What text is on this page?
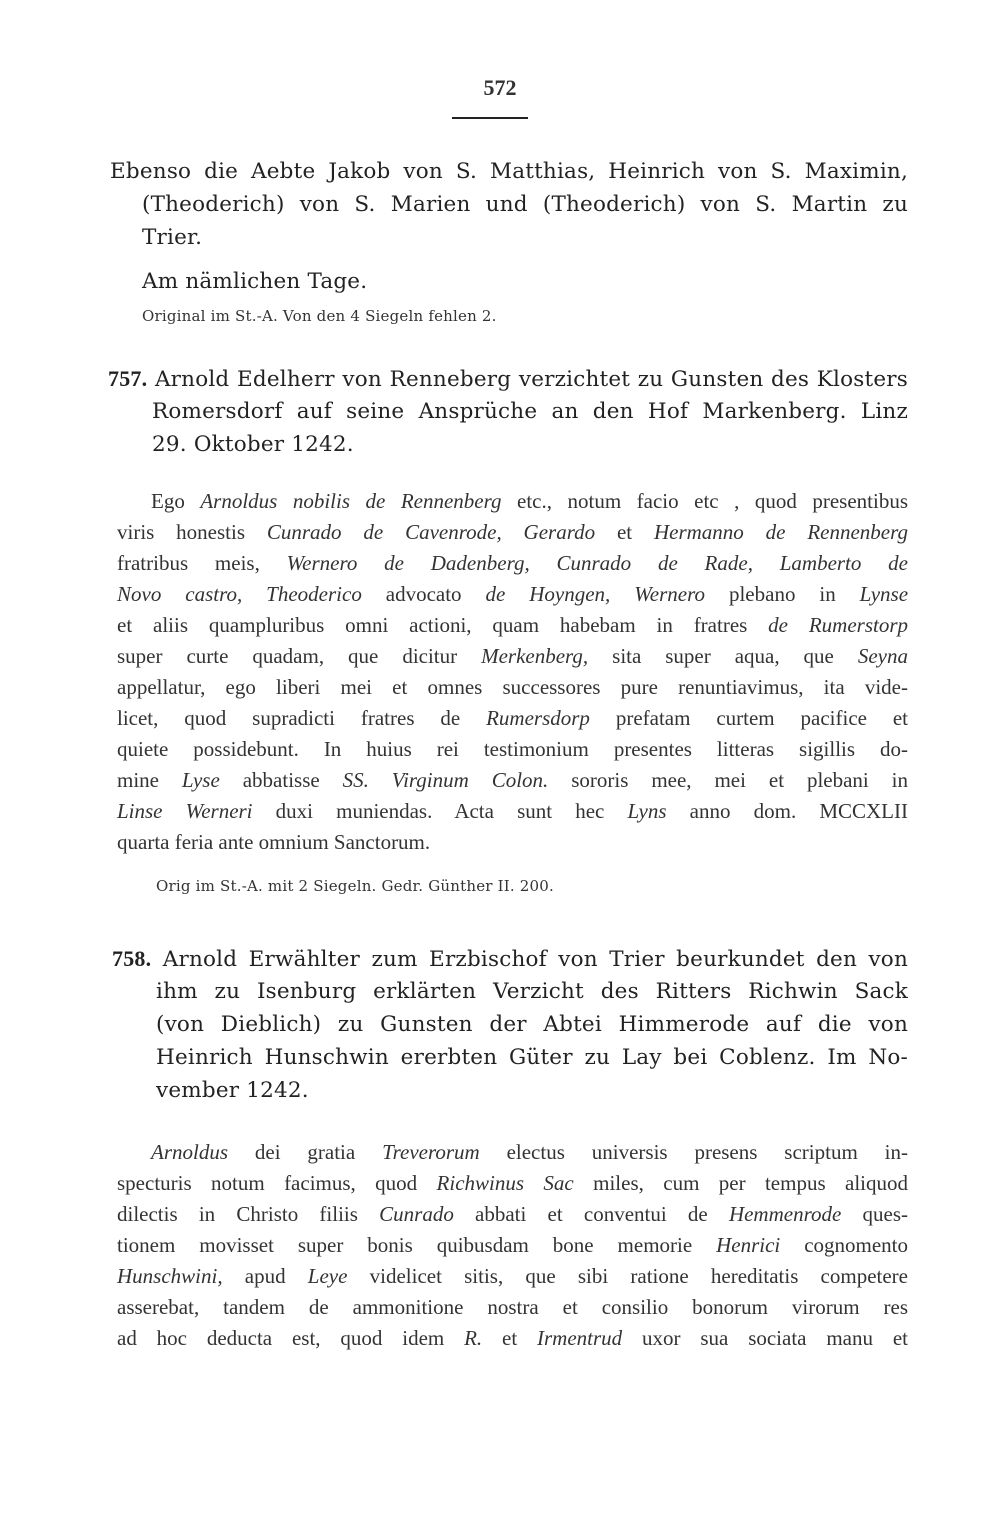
572
Ebenso die Aebte Jakob von S. Matthias, Heinrich von S. Maximin,
(Theoderich) von S. Marien und (Theoderich) von S. Martin zu
Trier.
Am nämlichen Tage.
Original im St.-A. Von den 4 Siegeln fehlen 2.
757. Arnold Edelherr von Renneberg verzichtet zu Gunsten des Klosters
Romersdorf auf seine Ansprüche an den Hof Markenberg. Linz
29. Oktober 1242.
Ego Arnoldus nobilis de Rennenberg etc., notum facio etc , quod presentibus
viris honestis Cunrado de Cavenrode, Gerardo et Hermanno de Rennenberg
fratribus meis, Wernero de Dadenberg, Cunrado de Rade, Lamberto de
Novo castro, Theoderico advocato de Hoyngen, Wernero plebano in Lynse
et aliis quampluribus omni actioni, quam habebam in fratres de Rumerstorp
super curte quadam, que dicitur Merkenberg, sita super aqua, que Seyna
appellatur, ego liberi mei et omnes successores pure renuntiavimus, ita vide-
licet, quod supradicti fratres de Rumersdorp prefatam curtem pacifice et
quiete possidebunt. In huius rei testimonium presentes litteras sigillis do-
mine Lyse abbatisse SS. Virginum Colon. sororis mee, mei et plebani in
Linse Werneri duxi muniendas. Acta sunt hec Lyns anno dom. MCCXLII
quarta feria ante omnium Sanctorum.
Orig im St.-A. mit 2 Siegeln. Gedr. Günther II. 200.
758. Arnold Erwählter zum Erzbischof von Trier beurkundet den von
ihm zu Isenburg erklärten Verzicht des Ritters Richwin Sack
(von Dieblich) zu Gunsten der Abtei Himmerode auf die von
Heinrich Hunschwin ererbten Güter zu Lay bei Coblenz. Im No-
vember 1242.
Arnoldus dei gratia Treverorum electus universis presens scriptum in-
specturis notum facimus, quod Richwinus Sac miles, cum per tempus aliquod
dilectis in Christo filiis Cunrado abbati et conventui de Hemmenrode ques-
tionem movisset super bonis quibusdam bone memorie Henrici cognomento
Hunschwini, apud Leye videlicet sitis, que sibi ratione hereditatis competere
asserebat, tandem de ammonitione nostra et consilio bonorum virorum res
ad hoc deducta est, quod idem R. et Irmentrud uxor sua sociata manu et
